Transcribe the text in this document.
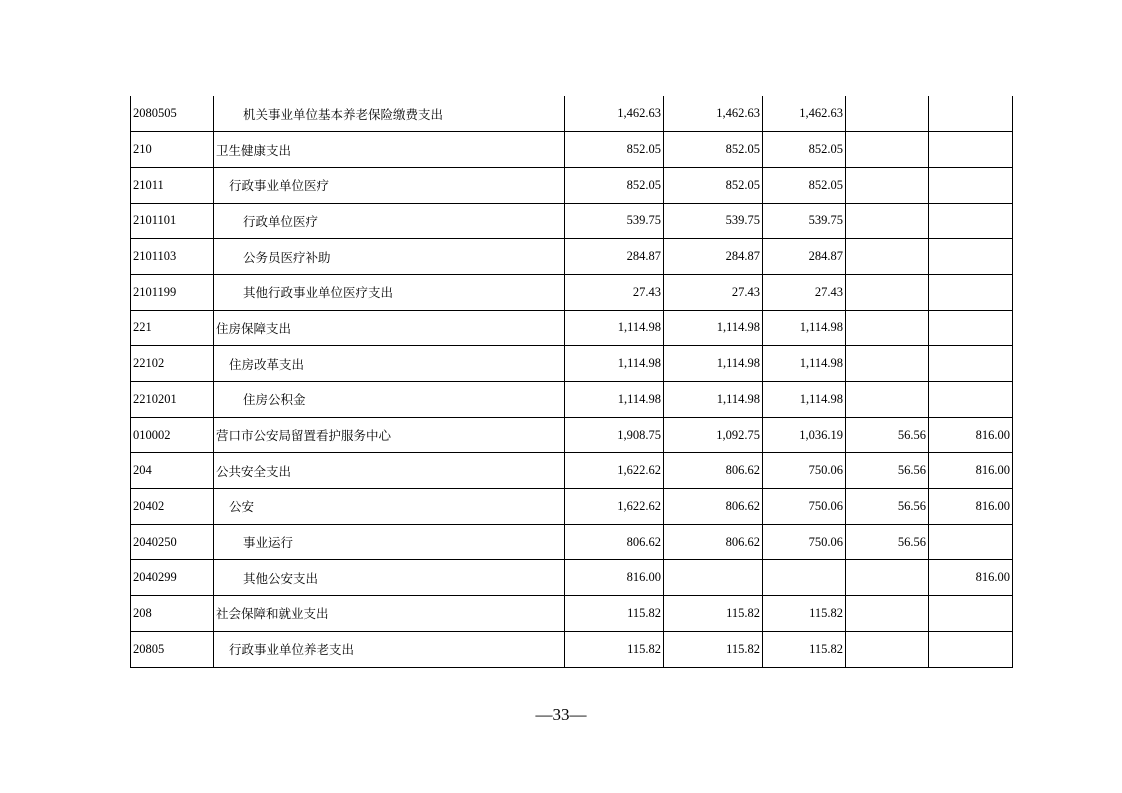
2080505	机关事业单位基本养老保险缴费支出	1,462.63	1,462.63	1,462.63		
210	卫生健康支出	852.05	852.05	852.05		
21011	行政事业单位医疗	852.05	852.05	852.05		
2101101	行政单位医疗	539.75	539.75	539.75		
2101103	公务员医疗补助	284.87	284.87	284.87		
2101199	其他行政事业单位医疗支出	27.43	27.43	27.43		
221	住房保障支出	1,114.98	1,114.98	1,114.98		
22102	住房改革支出	1,114.98	1,114.98	1,114.98		
2210201	住房公积金	1,114.98	1,114.98	1,114.98		
010002	营口市公安局留置看护服务中心	1,908.75	1,092.75	1,036.19	56.56	816.00
204	公共安全支出	1,622.62	806.62	750.06	56.56	816.00
20402	公安	1,622.62	806.62	750.06	56.56	816.00
2040250	事业运行	806.62	806.62	750.06	56.56	
2040299	其他公安支出	816.00				816.00
208	社会保障和就业支出	115.82	115.82	115.82		
20805	行政事业单位养老支出	115.82	115.82	115.82		
—33—
